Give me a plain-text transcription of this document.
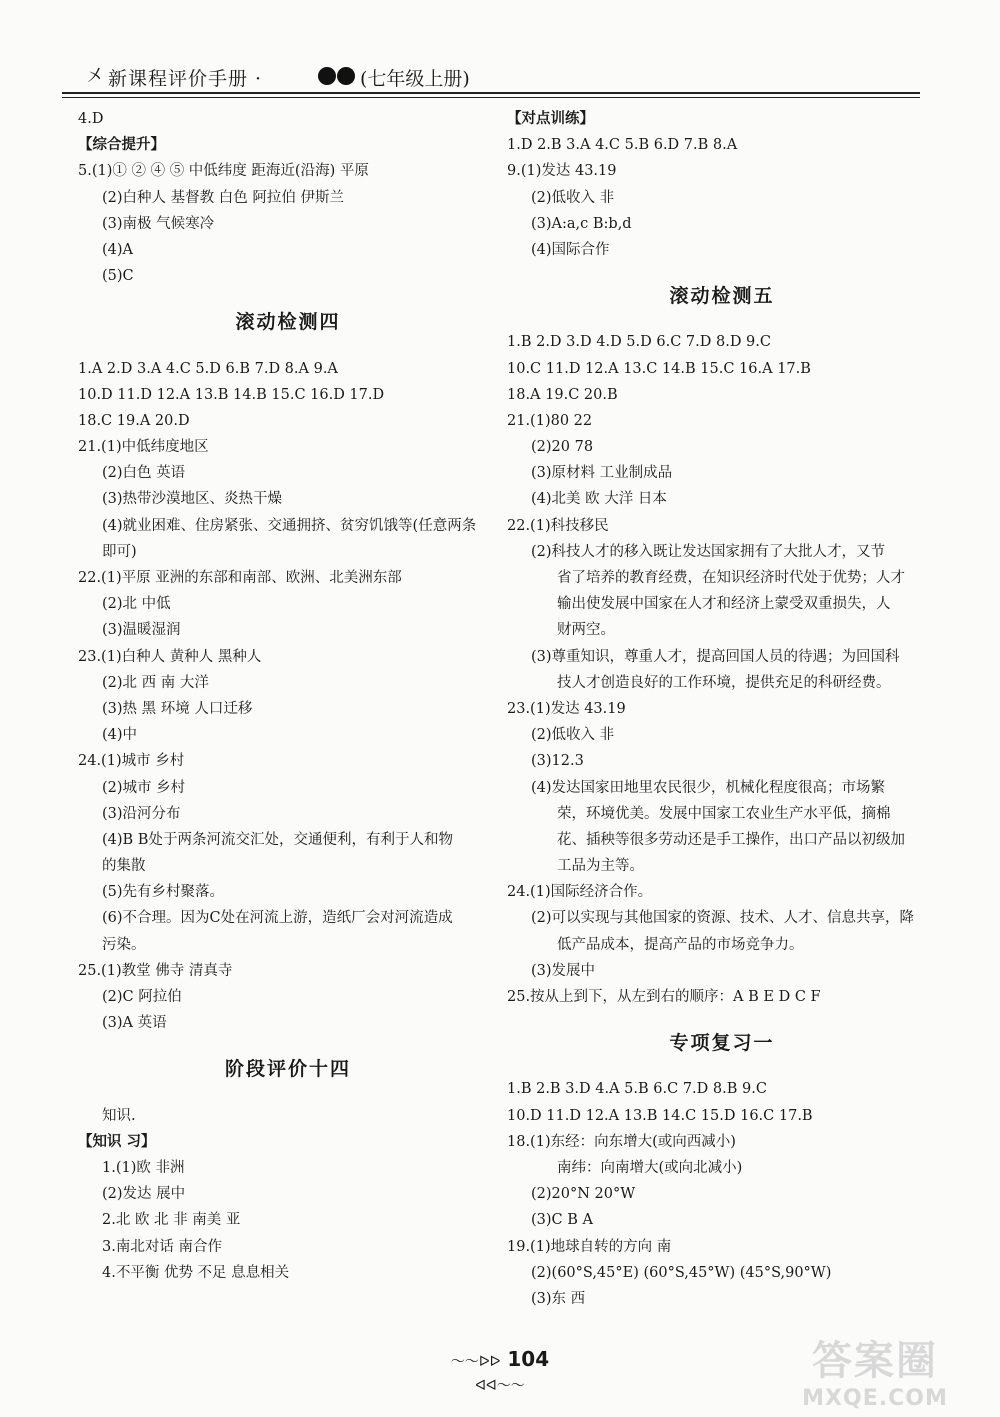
㐅 新课程评价手册 ·	(七年级上册)
4.D
【综合提升】
5.(1)① ② ④ ⑤ 中低纬度 距海近(沿海) 平原
(2)白种人 基督教 白色 阿拉伯 伊斯兰
(3)南极 气候寒冷
(4)A
(5)C
滚动检测四
1.A 2.D 3.A 4.C 5.D 6.B 7.D 8.A 9.A
10.D 11.D 12.A 13.B 14.B 15.C 16.D 17.D
18.C 19.A 20.D
21.(1)中低纬度地区
(2)白色 英语
(3)热带沙漠地区、炎热干燥
(4)就业困难、住房紧张、交通拥挤、贫穷饥饿等(任意两条
即可)
22.(1)平原 亚洲的东部和南部、欧洲、北美洲东部
(2)北 中低
(3)温暖湿润
23.(1)白种人 黄种人 黑种人
(2)北 西 南 大洋
(3)热 黑 环境 人口迁移
(4)中
24.(1)城市 乡村
(2)城市 乡村
(3)沿河分布
(4)B B处于两条河流交汇处，交通便利，有利于人和物
的集散
(5)先有乡村聚落。
(6)不合理。因为C处在河流上游，造纸厂会对河流造成
污染。
25.(1)教堂 佛寺 清真寺
(2)C 阿拉伯
(3)A 英语
阶段评价十四
知识.
【知识 习】
1.(1)欧 非洲
(2)发达 展中
2.北 欧 北 非 南美 亚
3.南北对话 南合作
4.不平衡 优势 不足 息息相关
【对点训练】
1.D 2.B 3.A 4.C 5.B 6.D 7.B 8.A
9.(1)发达 43.19
(2)低收入 非
(3)A:a,c B:b,d
(4)国际合作
滚动检测五
1.B 2.D 3.D 4.D 5.D 6.C 7.D 8.D 9.C
10.C 11.D 12.A 13.C 14.B 15.C 16.A 17.B
18.A 19.C 20.B
21.(1)80 22
(2)20 78
(3)原材料 工业制成品
(4)北美 欧 大洋 日本
22.(1)科技移民
(2)科技人才的移入既让发达国家拥有了大批人才，又节
省了培养的教育经费，在知识经济时代处于优势；人才
输出使发展中国家在人才和经济上蒙受双重损失，人
财两空。
(3)尊重知识，尊重人才，提高回国人员的待遇；为回国科
技人才创造良好的工作环境，提供充足的科研经费。
23.(1)发达 43.19
(2)低收入 非
(3)12.3
(4)发达国家田地里农民很少，机械化程度很高；市场繁
荣，环境优美。发展中国家工农业生产水平低，摘棉
花、插秧等很多劳动还是手工操作，出口产品以初级加
工品为主等。
24.(1)国际经济合作。
(2)可以实现与其他国家的资源、技术、人才、信息共享，降
低产品成本，提高产品的市场竞争力。
(3)发展中
25.按从上到下，从左到右的顺序：A B E D C F
专项复习一
1.B 2.B 3.D 4.A 5.B 6.C 7.D 8.B 9.C
10.D 11.D 12.A 13.B 14.C 15.D 16.C 17.B
18.(1)东经：向东增大(或向西减小)
南纬：向南增大(或向北减小)
(2)20°N 20°W
(3)C B A
19.(1)地球自转的方向 南
(2)(60°S,45°E) (60°S,45°W) (45°S,90°W)
(3)东 西
～～ᐅᐅ 104 ᐊᐊ～～
答案圈
MXQE.COM
